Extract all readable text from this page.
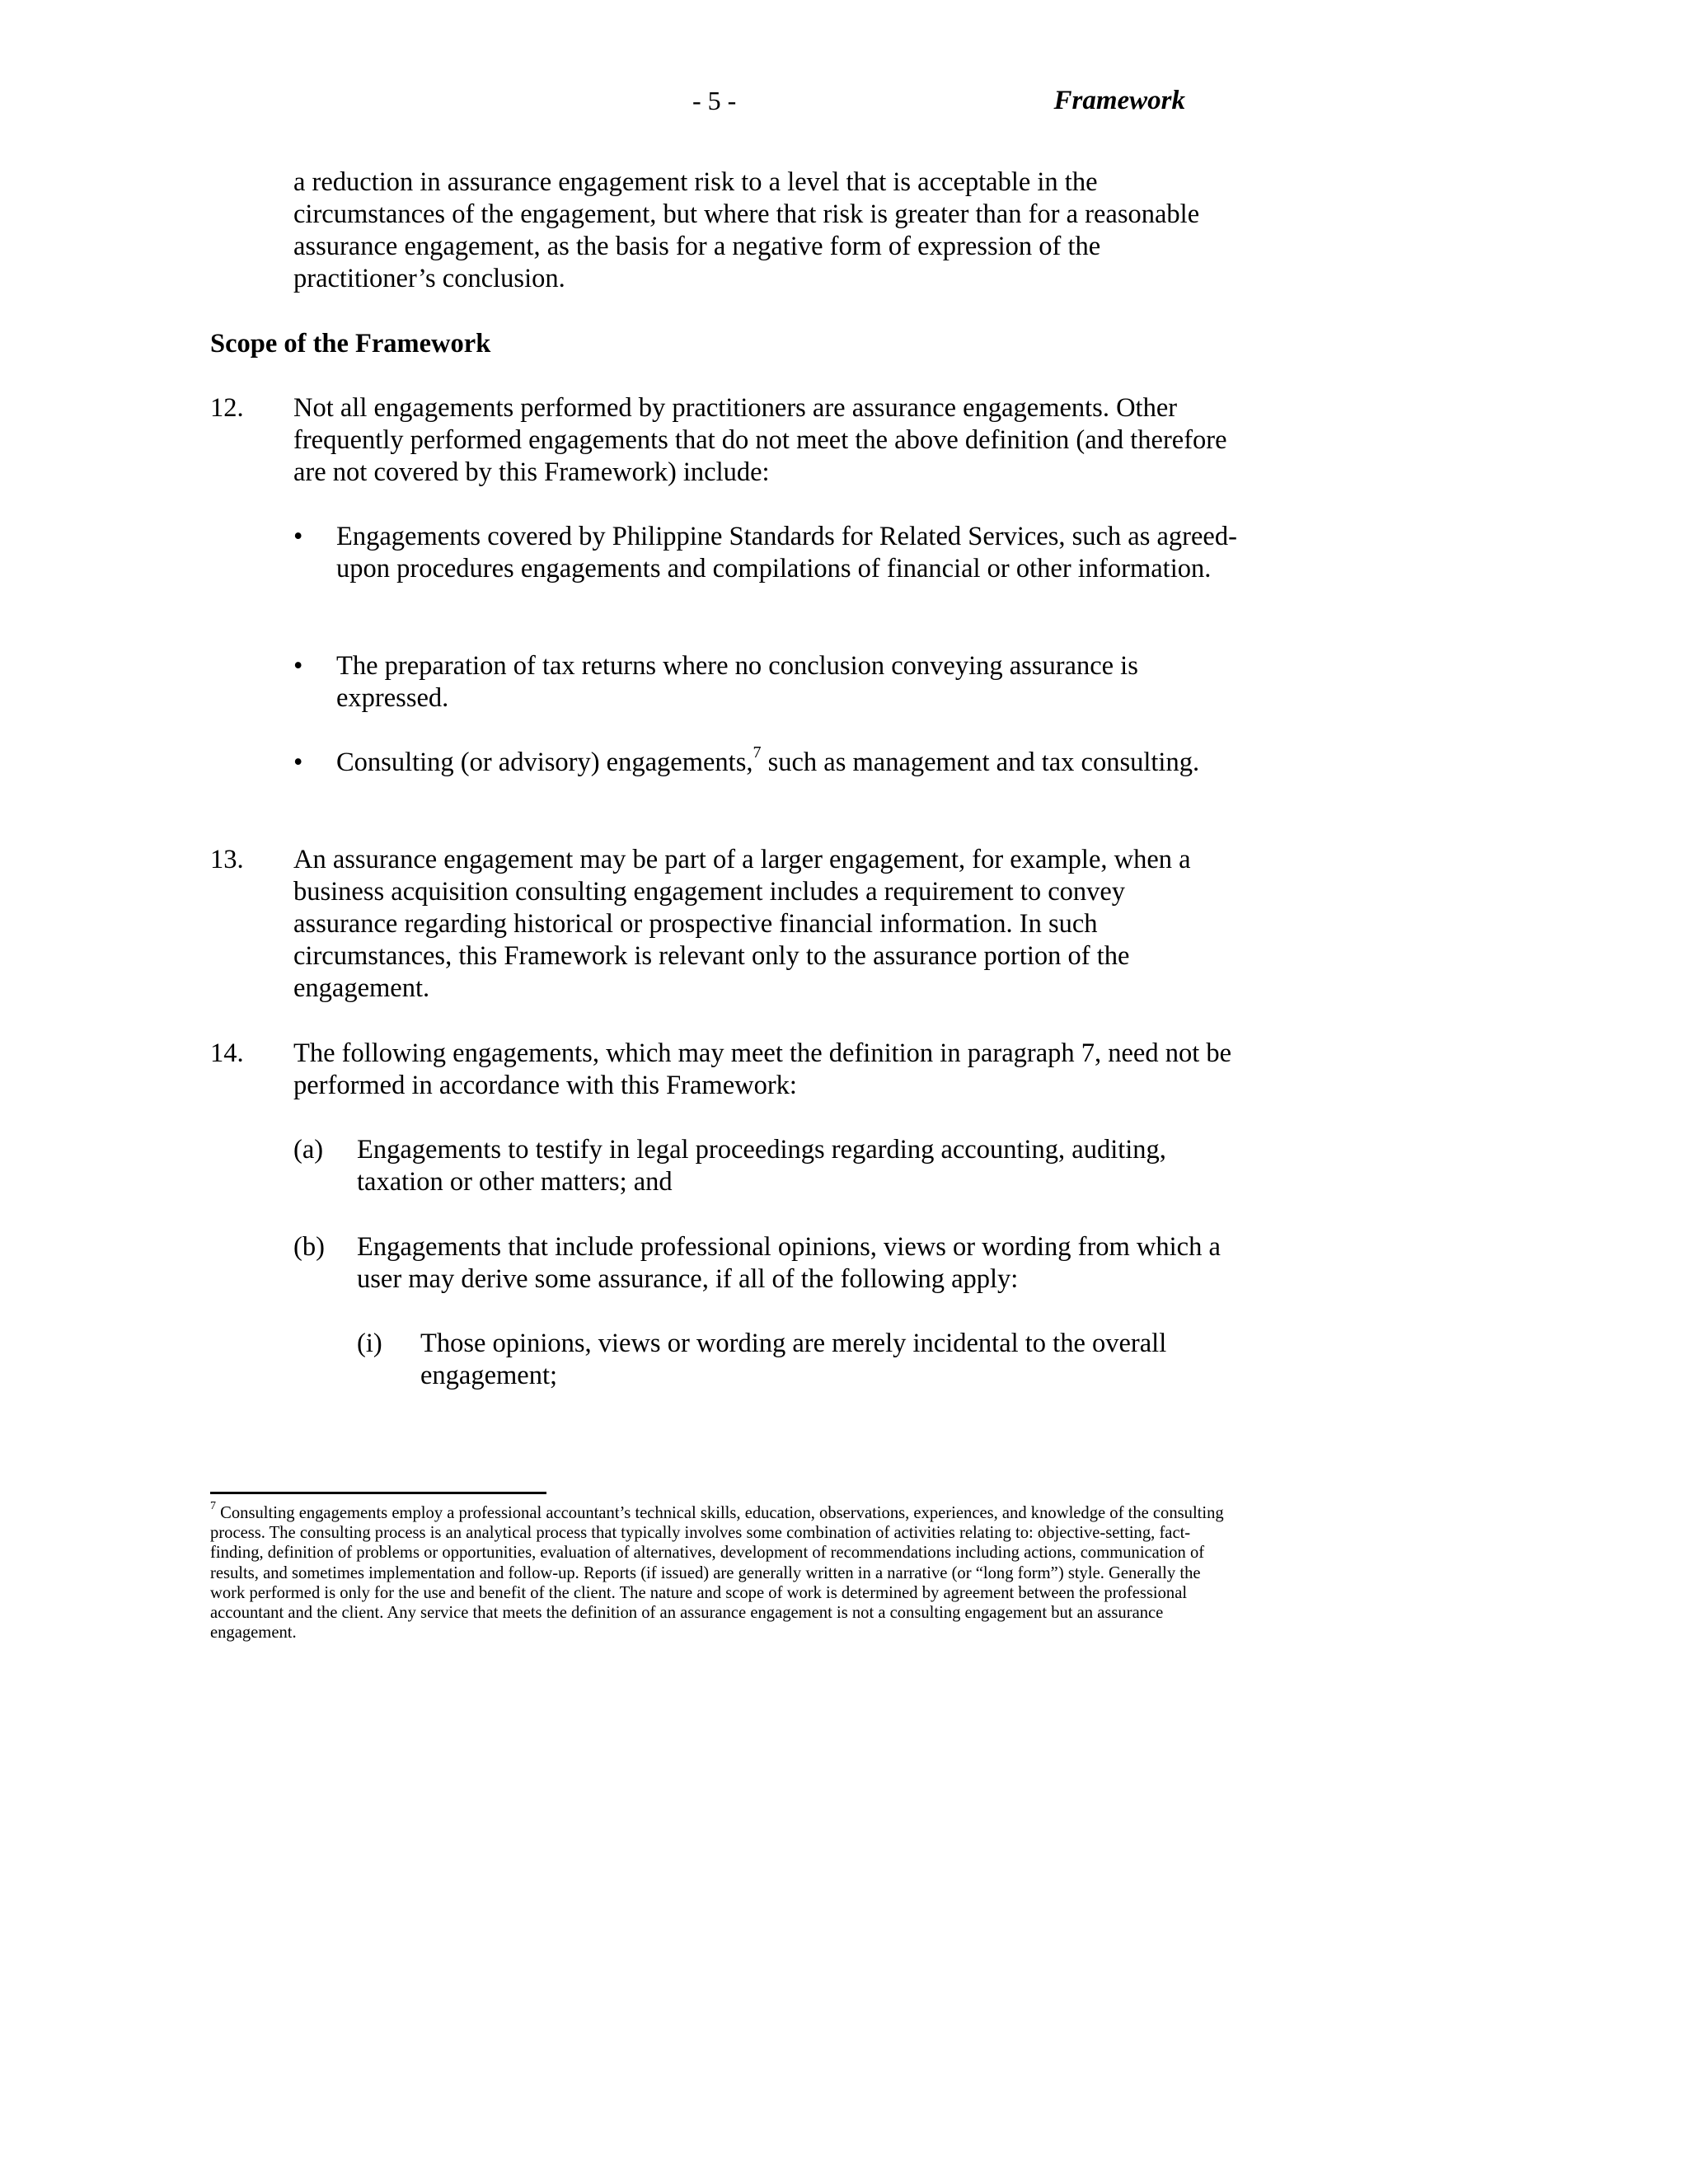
- 5 -	Framework
a reduction in assurance engagement risk to a level that is acceptable in the circumstances of the engagement, but where that risk is greater than for a reasonable assurance engagement, as the basis for a negative form of expression of the practitioner’s conclusion.
Scope of the Framework
12.	Not all engagements performed by practitioners are assurance engagements. Other frequently performed engagements that do not meet the above definition (and therefore are not covered by this Framework) include:
•	Engagements covered by Philippine Standards for Related Services, such as agreed-upon procedures engagements and compilations of financial or other information.
•	The preparation of tax returns where no conclusion conveying assurance is expressed.
•	Consulting (or advisory) engagements,$^7$ such as management and tax consulting.
13.	An assurance engagement may be part of a larger engagement, for example, when a business acquisition consulting engagement includes a requirement to convey assurance regarding historical or prospective financial information. In such circumstances, this Framework is relevant only to the assurance portion of the engagement.
14.	The following engagements, which may meet the definition in paragraph 7, need not be performed in accordance with this Framework:
(a)	Engagements to testify in legal proceedings regarding accounting, auditing, taxation or other matters; and
(b)	Engagements that include professional opinions, views or wording from which a user may derive some assurance, if all of the following apply:
(i)	Those opinions, views or wording are merely incidental to the overall engagement;
$^7$ Consulting engagements employ a professional accountant’s technical skills, education, observations, experiences, and knowledge of the consulting process. The consulting process is an analytical process that typically involves some combination of activities relating to: objective-setting, fact-finding, definition of problems or opportunities, evaluation of alternatives, development of recommendations including actions, communication of results, and sometimes implementation and follow-up. Reports (if issued) are generally written in a narrative (or “long form”) style. Generally the work performed is only for the use and benefit of the client. The nature and scope of work is determined by agreement between the professional accountant and the client. Any service that meets the definition of an assurance engagement is not a consulting engagement but an assurance engagement.
